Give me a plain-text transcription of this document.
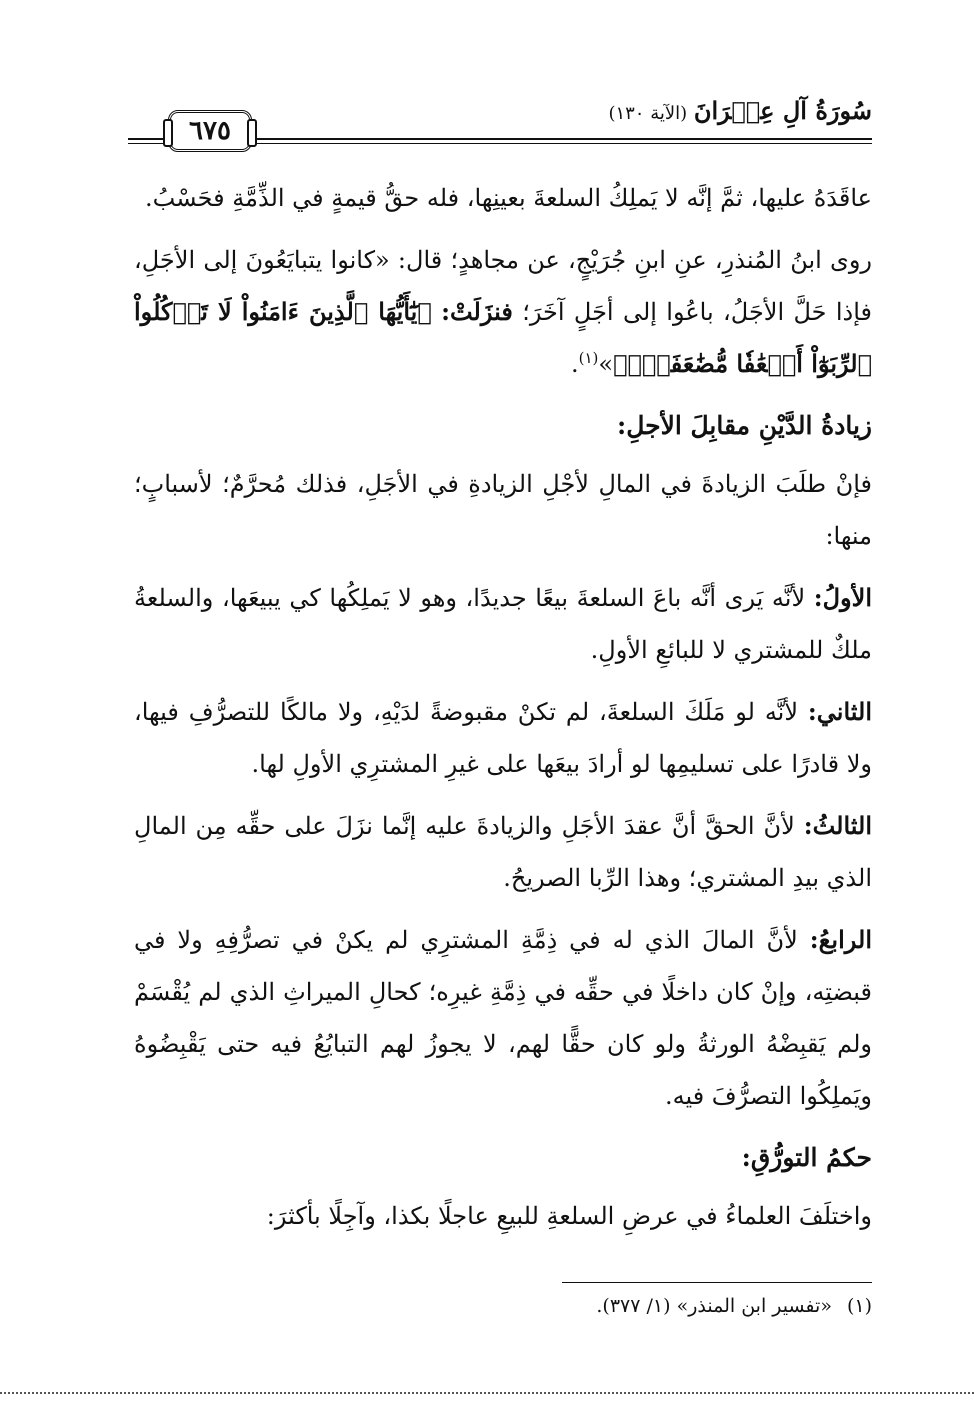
سُورَةُ آلِ عِمۡرَانَ (الآية ١٣٠)
٦٧٥

عاقَدَهُ عليها، ثمَّ إنَّه لا يَملِكُ السلعةَ بعينِها، فله حقُّ قيمةٍ في الذِّمَّةِ فحَسْبُ.

روى ابنُ المُنذرِ، عنِ ابنِ جُرَيْجٍ، عن مجاهدٍ؛ قال: «كانوا يتبايَعُونَ إلى الأجَلِ، فإذا حَلَّ الأجَلُ، باعُوا إلى أجَلٍ آخَرَ؛ فنزَلَتْ: ﴿يَٰٓأَيُّهَا ٱلَّذِينَ ءَامَنُواْ لَا تَأۡكُلُواْ ٱلرِّبَوٰٓاْ أَضۡعَٰفٗا مُّضَٰعَفَةٗۖ﴾»$^{(١)}$.

زيادةُ الدَّيْنِ مقابِلَ الأجلِ:

فإنْ طلَبَ الزيادةَ في المالِ لأجْلِ الزيادةِ في الأجَلِ، فذلك مُحرَّمٌ؛ لأسبابٍ؛ منها:

الأولُ: لأنَّه يَرى أنَّه باعَ السلعةَ بيعًا جديدًا، وهو لا يَملِكُها كي يبيعَها، والسلعةُ ملكٌ للمشتري لا للبائعِ الأولِ.

الثاني: لأنَّه لو مَلَكَ السلعةَ، لم تكنْ مقبوضةً لدَيْهِ، ولا مالكًا للتصرُّفِ فيها، ولا قادرًا على تسليمِها لو أرادَ بيعَها على غيرِ المشترِي الأولِ لها.

الثالثُ: لأنَّ الحقَّ أنَّ عقدَ الأجَلِ والزيادةَ عليه إنَّما نزَلَ على حقِّه مِن المالِ الذي بيدِ المشتري؛ وهذا الرِّبا الصريحُ.

الرابعُ: لأنَّ المالَ الذي له في ذِمَّةِ المشترِي لم يكنْ في تصرُّفِهِ ولا في قبضتِه، وإنْ كان داخلًا في حقِّه في ذِمَّةِ غيرِه؛ كحالِ الميراثِ الذي لم يُقْسَمْ ولم يَقبِضْهُ الورثةُ ولو كان حقًّا لهم، لا يجوزُ لهم التبايُعُ فيه حتى يَقْبِضُوهُ ويَملِكُوا التصرُّفَ فيه.

حكمُ التورُّقِ:

واختلَفَ العلماءُ في عرضِ السلعةِ للبيعِ عاجلًا بكذا، وآجِلًا بأكثرَ:

(١) «تفسير ابن المنذر» (١/ ٣٧٧).
